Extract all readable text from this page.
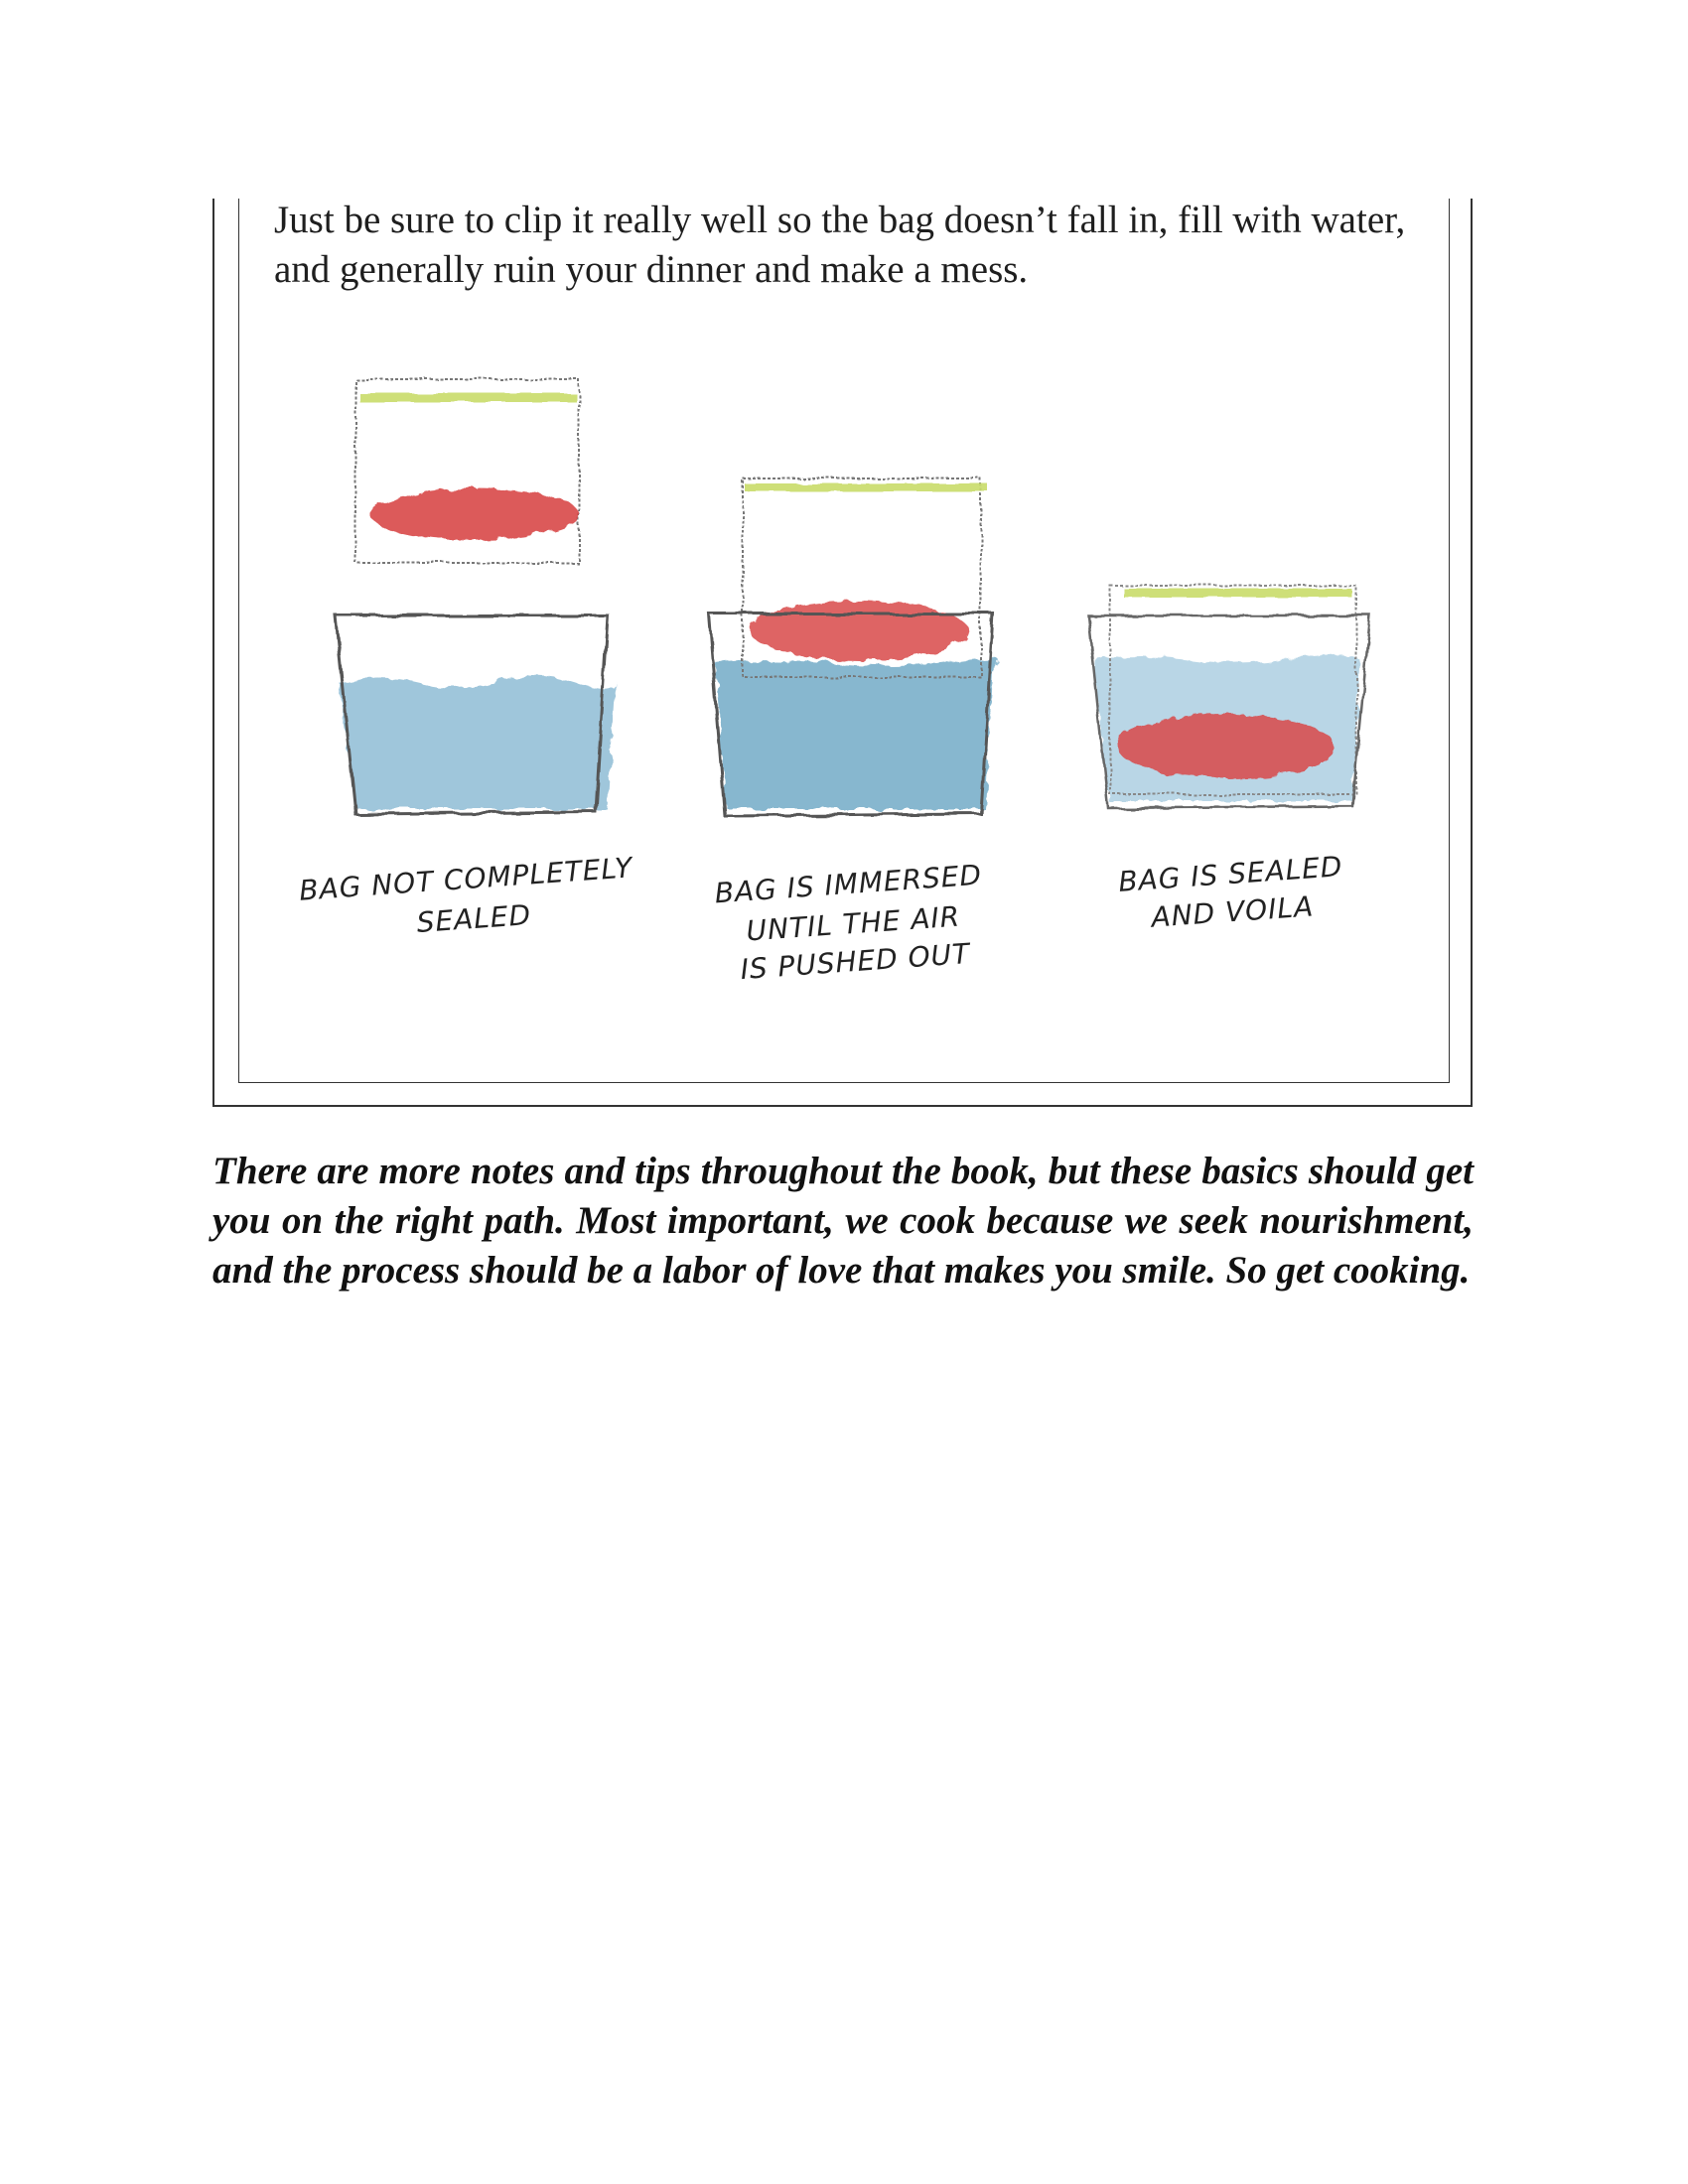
Just be sure to clip it really well so the bag doesn’t fall in, fill with water, and generally ruin your dinner and make a mess.

BAG NOT COMPLETELY
SEALED
BAG IS IMMERSED
UNTIL THE AIR
IS PUSHED OUT
BAG IS SEALED
AND VOILA

There are more notes and tips throughout the book, but these basics should get you on the right path. Most important, we cook because we seek nourishment, and the process should be a labor of love that makes you smile. So get cooking.
